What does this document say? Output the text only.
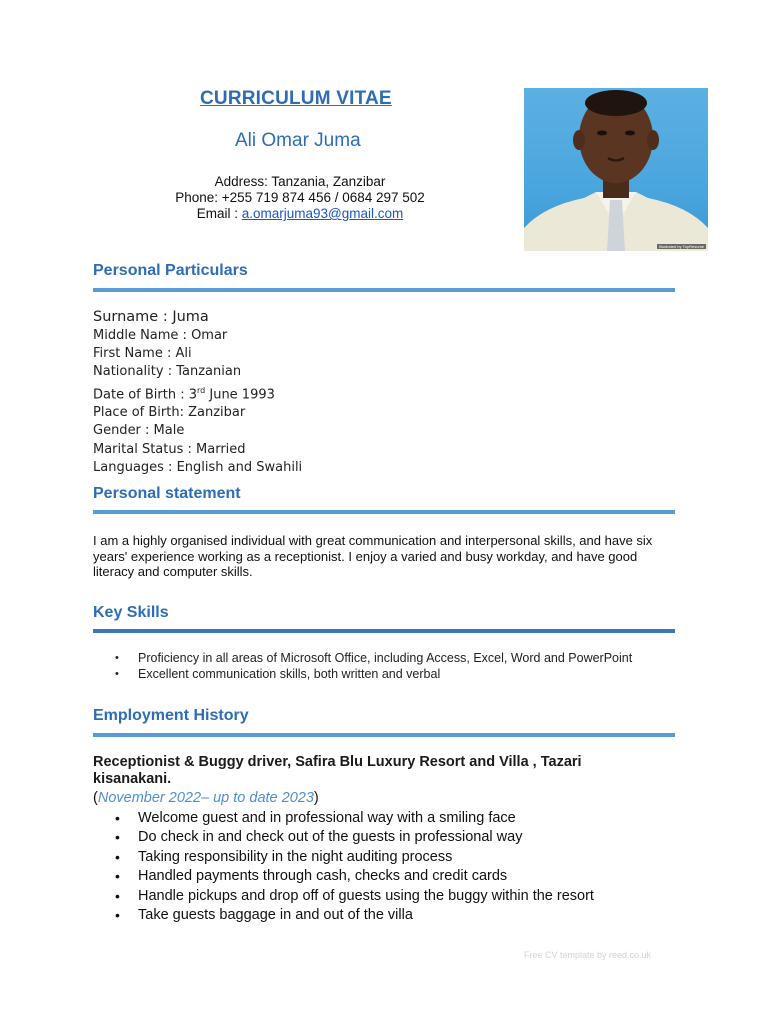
CURRICULUM VITAE
Ali Omar Juma
Address: Tanzania, Zanzibar
Phone: +255 719 874 456 / 0684 297 502
Email : a.omarjuma93@gmail.com
Illustrated by TopResume
Personal Particulars
Surname : Juma
Middle Name : Omar
First Name : Ali
Nationality : Tanzanian
Date of Birth : 3rd June 1993
Place of Birth: Zanzibar
Gender : Male
Marital Status : Married
Languages : English and Swahili
Personal statement
I am a highly organised individual with great communication and interpersonal skills, and have six years' experience working as a receptionist. I enjoy a varied and busy workday, and have good literacy and computer skills.
Key Skills
• Proficiency in all areas of Microsoft Office, including Access, Excel, Word and PowerPoint
• Excellent communication skills, both written and verbal
Employment History
Receptionist & Buggy driver, Safira Blu Luxury Resort and Villa , Tazari kisanakani.
(November 2022– up to date 2023)
• Welcome guest and in professional way with a smiling face
• Do check in and check out of the guests in professional way
• Taking responsibility in the night auditing process
• Handled payments through cash, checks and credit cards
• Handle pickups and drop off of guests using the buggy within the resort
• Take guests baggage in and out of the villa
Free CV template by reed.co.uk
